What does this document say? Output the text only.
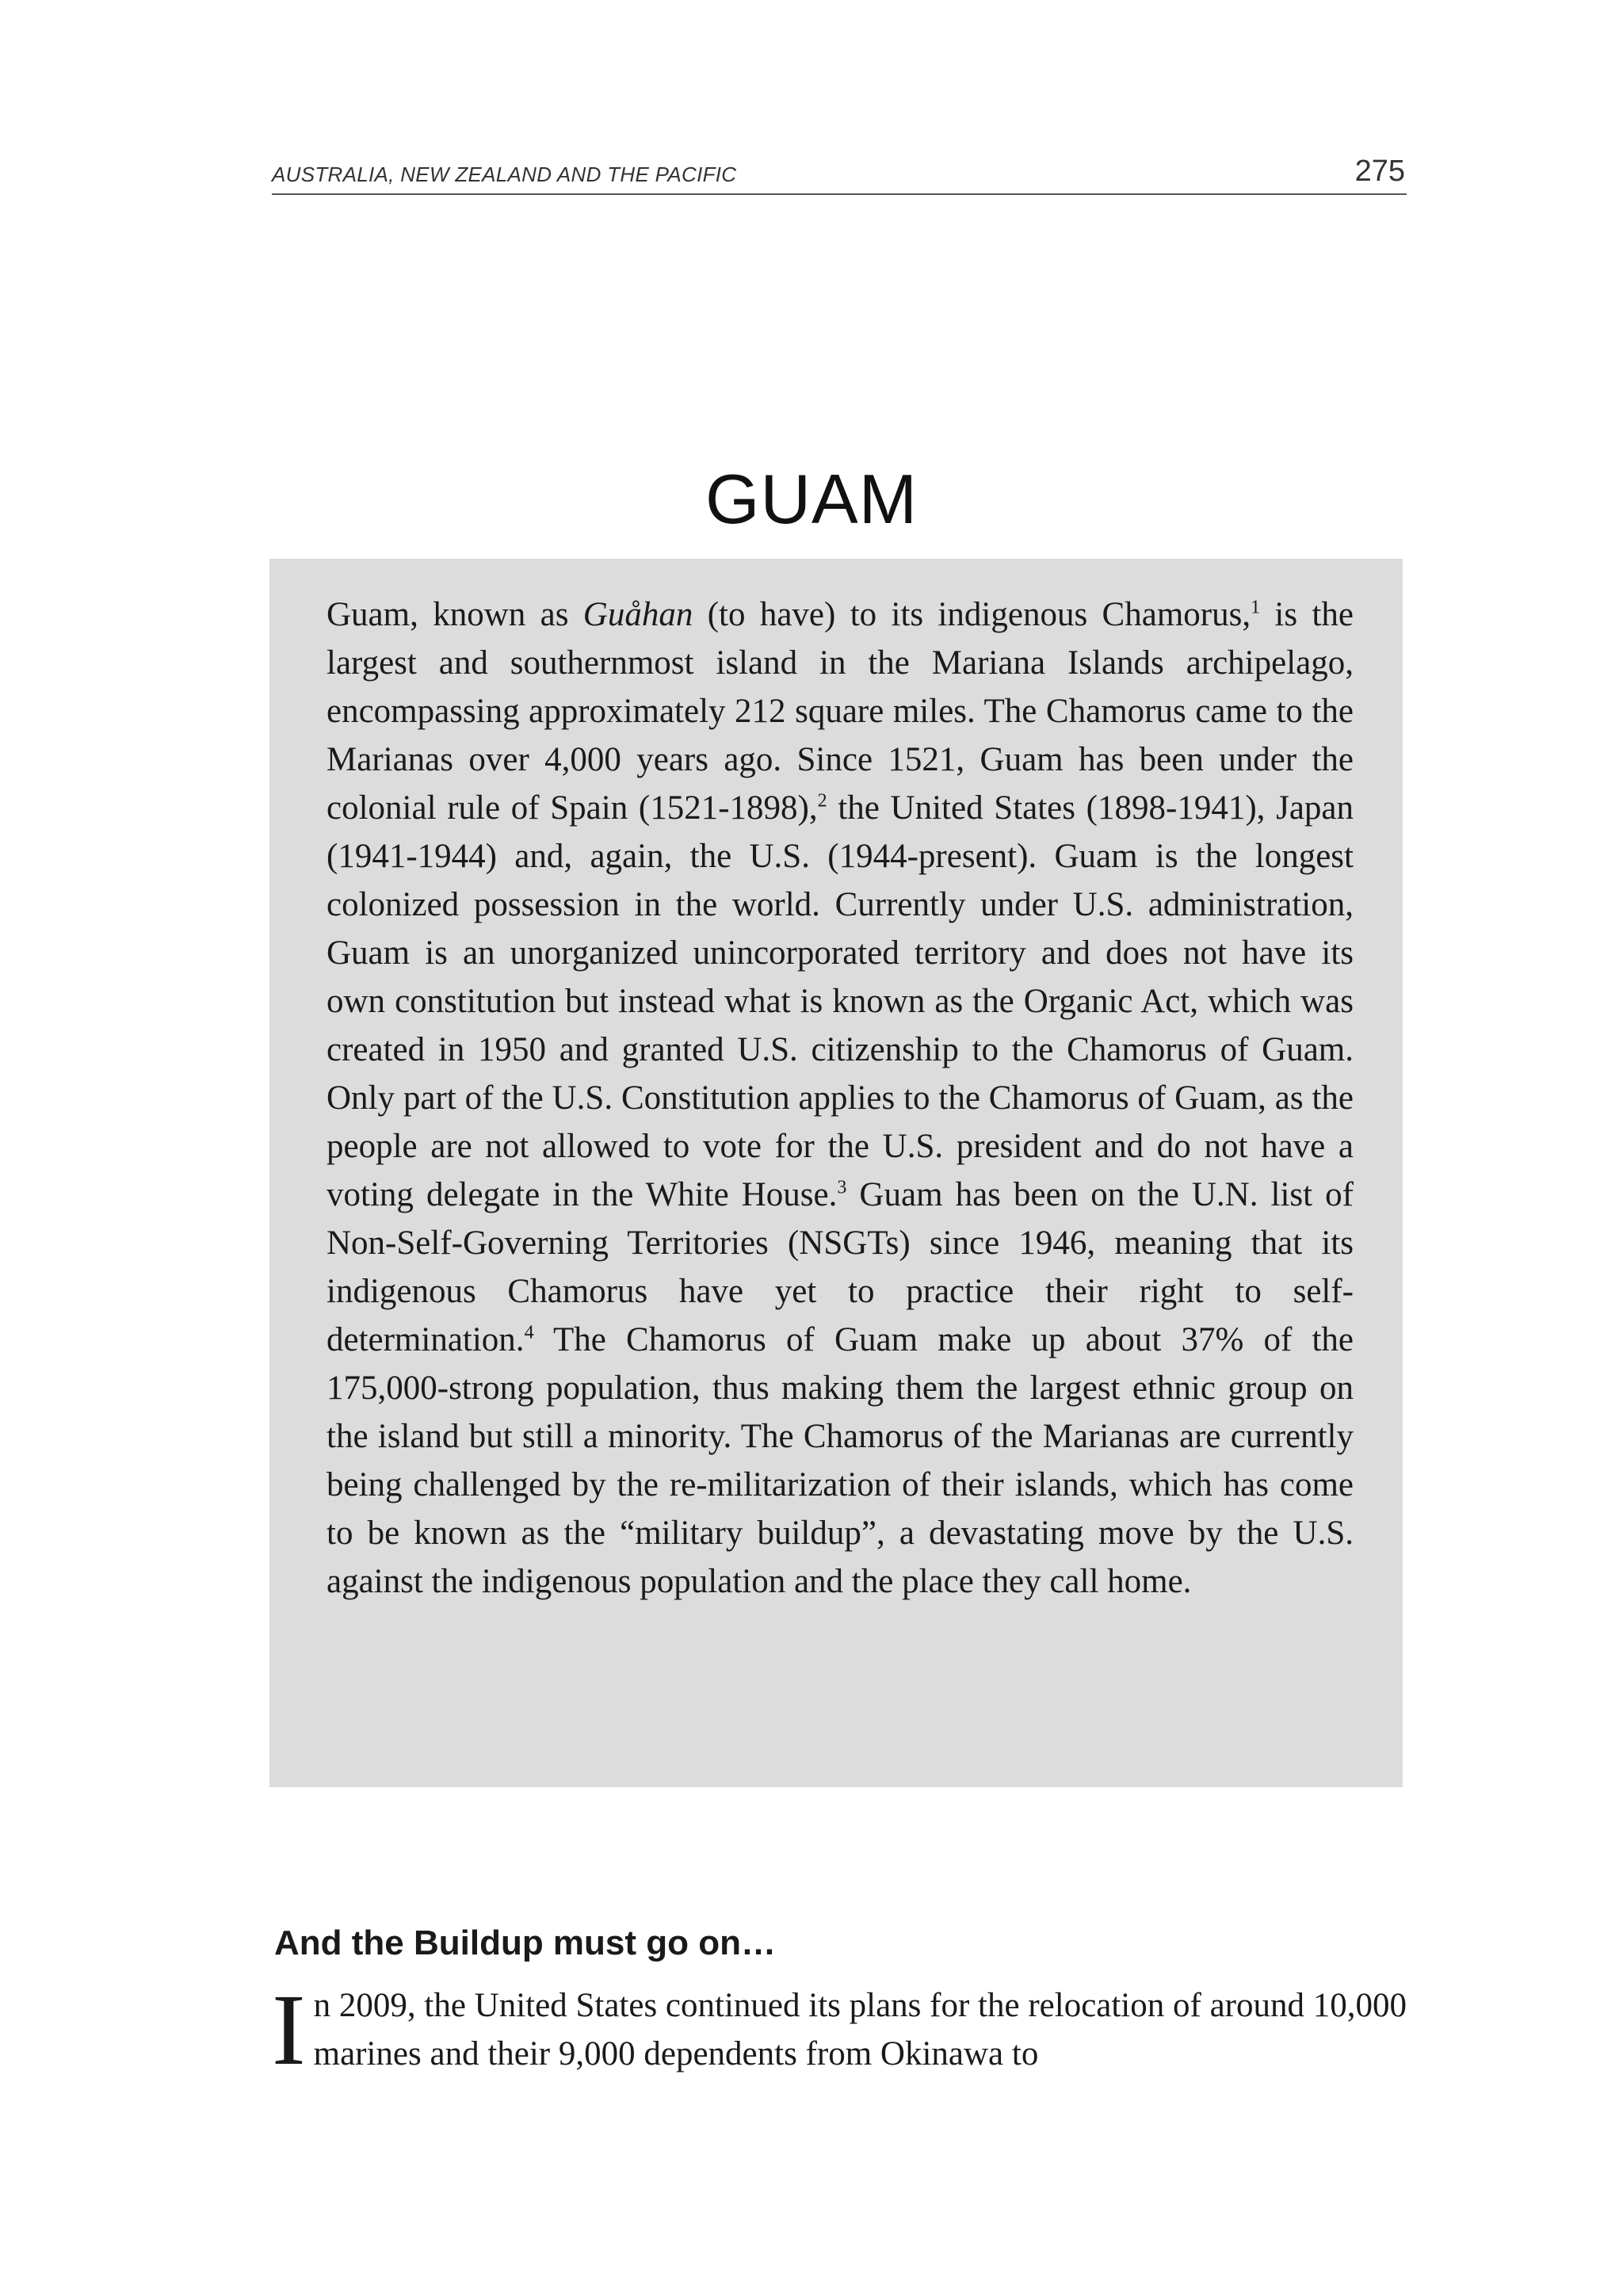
AUSTRALIA, NEW ZEALAND AND THE PACIFIC	275
GUAM

Guam, known as Guåhan (to have) to its indigenous Chamorus,$^1$ is the largest and southernmost island in the Mariana Islands archipelago, encompassing approximately 212 square miles. The Chamorus came to the Marianas over 4,000 years ago. Since 1521, Guam has been under the colonial rule of Spain (1521-1898),$^2$ the United States (1898-1941), Japan (1941-1944) and, again, the U.S. (1944-present). Guam is the longest colonized possession in the world. Currently under U.S. administration, Guam is an unorganized unincorporated territory and does not have its own constitution but instead what is known as the Organic Act, which was created in 1950 and granted U.S. citizenship to the Chamorus of Guam. Only part of the U.S. Constitution applies to the Chamorus of Guam, as the people are not allowed to vote for the U.S. president and do not have a voting delegate in the White House.$^3$ Guam has been on the U.N. list of Non-Self-Governing Territories (NSGTs) since 1946, meaning that its indigenous Chamorus have yet to practice their right to self-determination.$^4$ The Chamorus of Guam make up about 37% of the 175,000-strong population, thus making them the largest ethnic group on the island but still a minority. The Chamorus of the Marianas are currently being challenged by the re-militarization of their islands, which has come to be known as the “military buildup”, a devastating move by the U.S. against the indigenous population and the place they call home.

And the Buildup must go on…

In 2009, the United States continued its plans for the relocation of around 10,000 marines and their 9,000 dependents from Okinawa to
